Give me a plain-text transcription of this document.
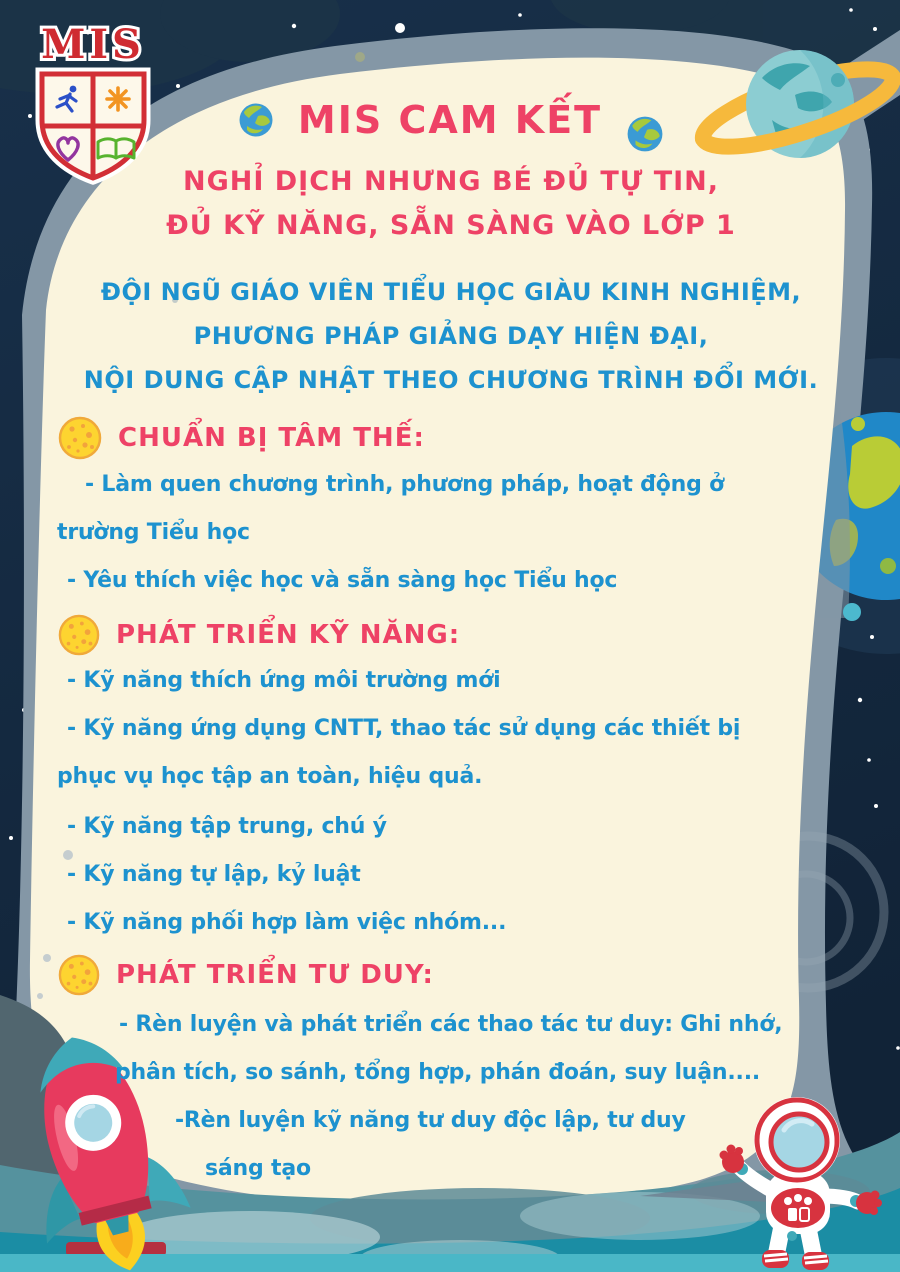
MIS
MIS CAM KẾT
NGHỈ DỊCH NHƯNG BÉ ĐỦ TỰ TIN,
ĐỦ KỸ NĂNG, SẴN SÀNG VÀO LỚP 1
ĐỘI NGŨ GIÁO VIÊN TIỂU HỌC GIÀU KINH NGHIỆM,
PHƯƠNG PHÁP GIẢNG DẠY HIỆN ĐẠI,
NỘI DUNG CẬP NHẬT THEO CHƯƠNG TRÌNH ĐỔI MỚI.
CHUẨN BỊ TÂM THẾ:
- Làm quen chương trình, phương pháp, hoạt động ở
trường Tiểu học
- Yêu thích việc học và sẵn sàng học Tiểu học
PHÁT TRIỂN KỸ NĂNG:
- Kỹ năng thích ứng môi trường mới
- Kỹ năng ứng dụng CNTT, thao tác sử dụng các thiết bị
phục vụ học tập an toàn, hiệu quả.
- Kỹ năng tập trung, chú ý
- Kỹ năng tự lập, kỷ luật
- Kỹ năng phối hợp làm việc nhóm...
PHÁT TRIỂN TƯ DUY:
- Rèn luyện và phát triển các thao tác tư duy: Ghi nhớ,
phân tích, so sánh, tổng hợp, phán đoán, suy luận....
-Rèn luyện kỹ năng tư duy độc lập, tư duy
sáng tạo
